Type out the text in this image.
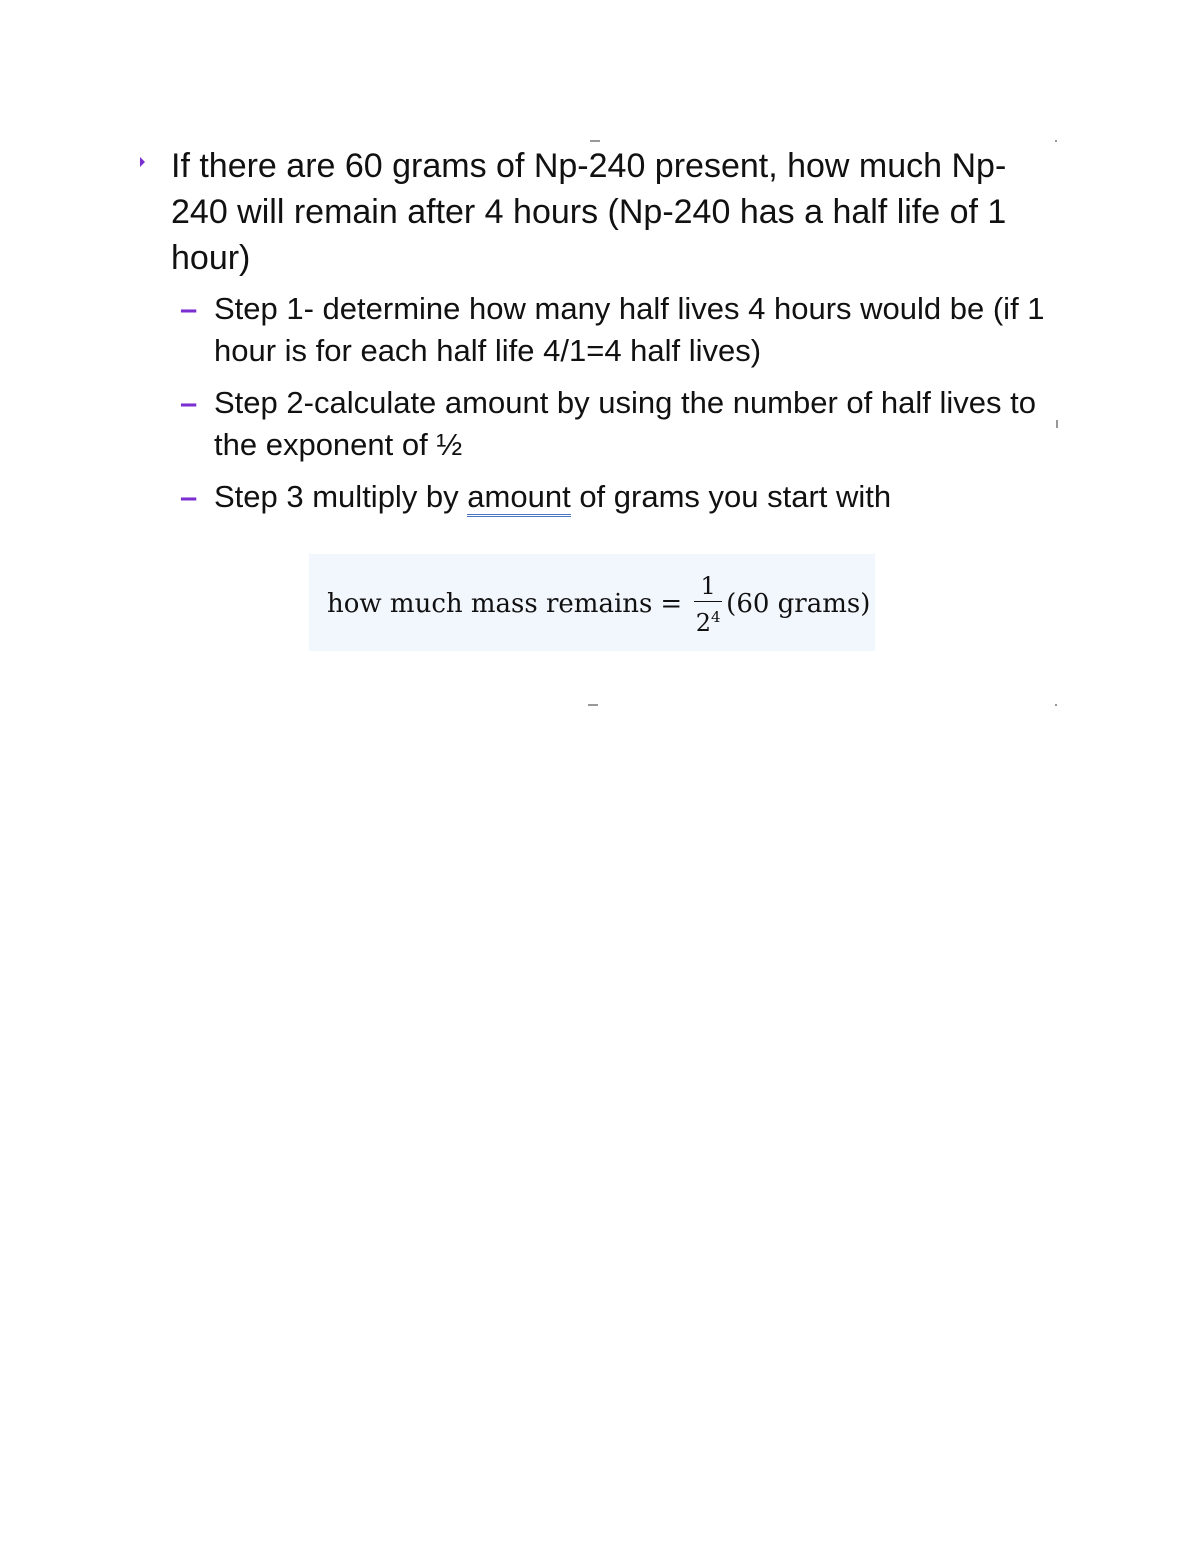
If there are 60 grams of Np-240 present, how much Np-240 will remain after 4 hours (Np-240 has a half life of 1 hour)

– Step 1- determine how many half lives 4 hours would be (if 1 hour is for each half life 4/1=4 half lives)
– Step 2-calculate amount by using the number of half lives to the exponent of ½
– Step 3 multiply by amount of grams you start with
how much mass remains = $\frac{1}{2^4} (60$ grams)
